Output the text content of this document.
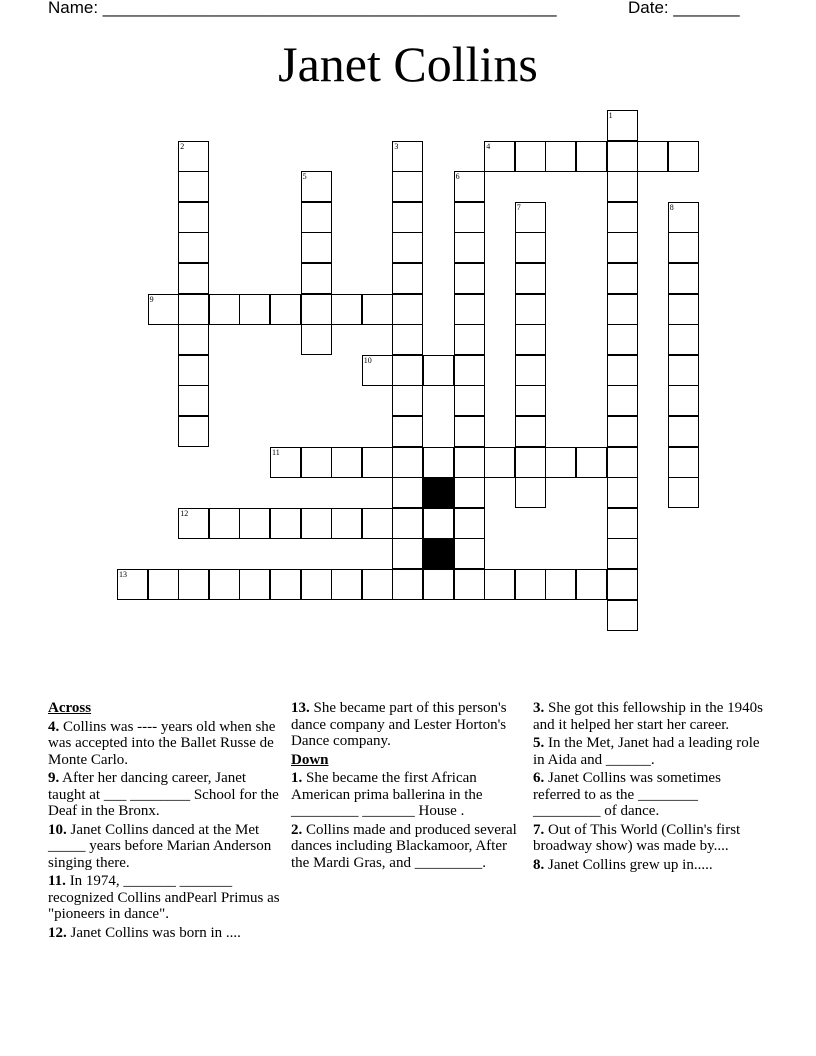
Name: ________________________________________________	Date: _______
Janet Collins
4
9
10
11
12
13
1
2	3
5	6
7	8
Across
4. Collins was ---- years old when she was accepted into the Ballet Russe de Monte Carlo.
9. After her dancing career, Janet taught at ___ ________ School for the Deaf in the Bronx.
10. Janet Collins danced at the Met _____ years before Marian Anderson singing there.
11. In 1974, _______ _______ recognized Collins andPearl Primus as "pioneers in dance".
12. Janet Collins was born in ....
13. She became part of this person's dance company and Lester Horton's Dance company.
Down
1. She became the first African American prima ballerina in the _________ _______ House .
2. Collins made and produced several dances including Blackamoor, After the Mardi Gras, and _________.
3. She got this fellowship in the 1940s and it helped her start her career.
5. In the Met, Janet had a leading role in Aida and ______.
6. Janet Collins was sometimes referred to as the ________ _________ of dance.
7. Out of This World (Collin's first broadway show) was made by....
8. Janet Collins grew up in.....
